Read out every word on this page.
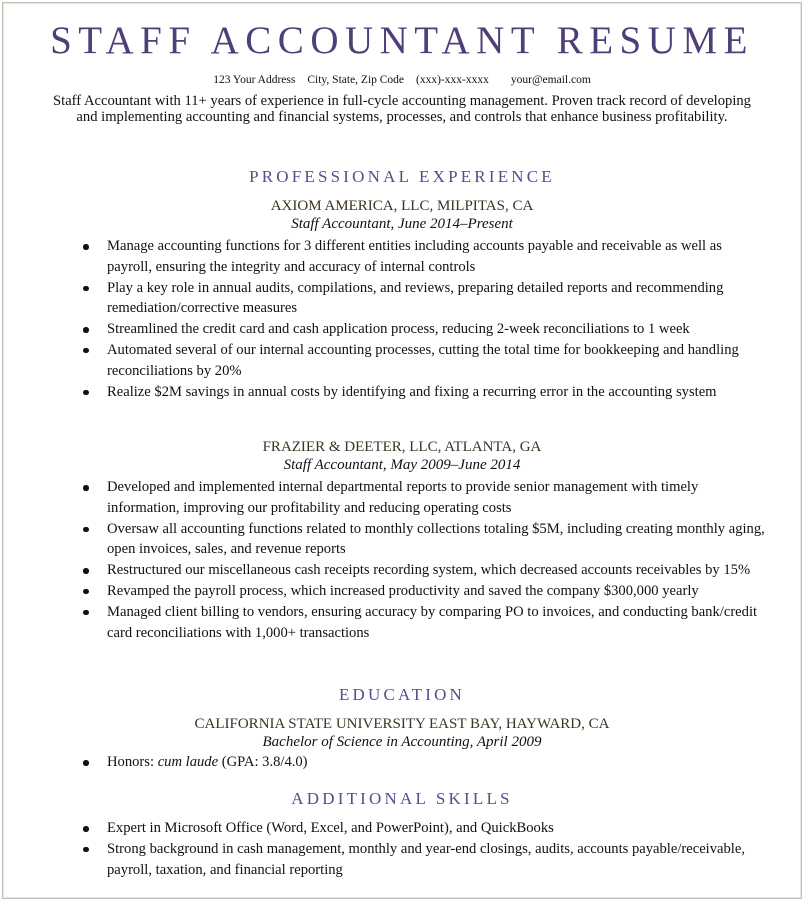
STAFF ACCOUNTANT RESUME
123 Your Address City, State, Zip Code (xxx)-xxx-xxxx your@email.com

Staff Accountant with 11+ years of experience in full-cycle accounting management. Proven track record of developing and implementing accounting and financial systems, processes, and controls that enhance business profitability.

PROFESSIONAL EXPERIENCE
AXIOM AMERICA, LLC, MILPITAS, CA
Staff Accountant, June 2014–Present
Manage accounting functions for 3 different entities including accounts payable and receivable as well as payroll, ensuring the integrity and accuracy of internal controls
Play a key role in annual audits, compilations, and reviews, preparing detailed reports and recommending remediation/corrective measures
Streamlined the credit card and cash application process, reducing 2-week reconciliations to 1 week
Automated several of our internal accounting processes, cutting the total time for bookkeeping and handling reconciliations by 20%
Realize $2M savings in annual costs by identifying and fixing a recurring error in the accounting system
FRAZIER & DEETER, LLC, ATLANTA, GA
Staff Accountant, May 2009–June 2014
Developed and implemented internal departmental reports to provide senior management with timely information, improving our profitability and reducing operating costs
Oversaw all accounting functions related to monthly collections totaling $5M, including creating monthly aging, open invoices, sales, and revenue reports
Restructured our miscellaneous cash receipts recording system, which decreased accounts receivables by 15%
Revamped the payroll process, which increased productivity and saved the company $300,000 yearly
Managed client billing to vendors, ensuring accuracy by comparing PO to invoices, and conducting bank/credit card reconciliations with 1,000+ transactions
EDUCATION
CALIFORNIA STATE UNIVERSITY EAST BAY, HAYWARD, CA
Bachelor of Science in Accounting, April 2009
Honors: cum laude (GPA: 3.8/4.0)
ADDITIONAL SKILLS
Expert in Microsoft Office (Word, Excel, and PowerPoint), and QuickBooks
Strong background in cash management, monthly and year-end closings, audits, accounts payable/receivable, payroll, taxation, and financial reporting
